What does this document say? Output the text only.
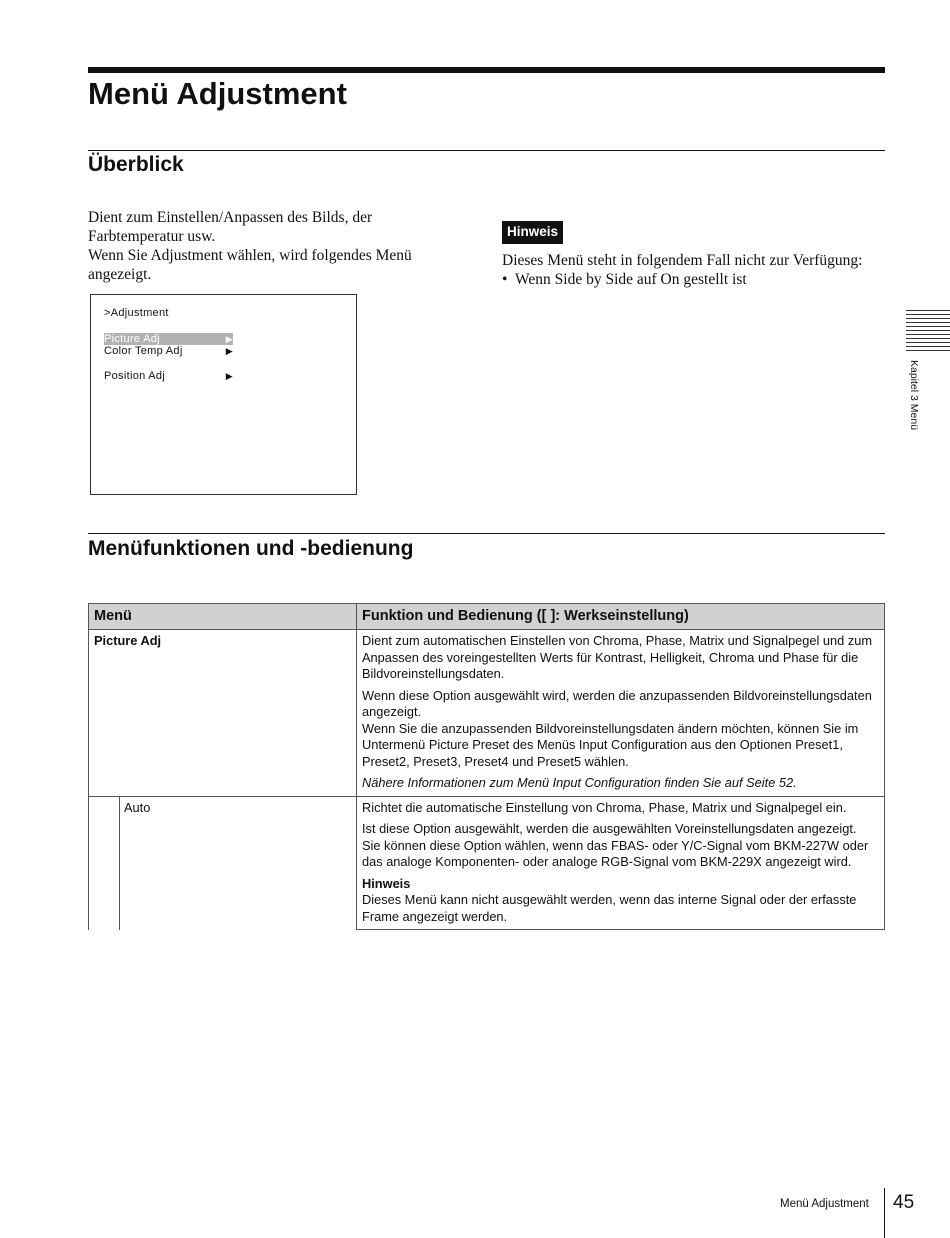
Menü Adjustment
Überblick

Dient zum Einstellen/Anpassen des Bilds, der Farbtemperatur usw.

Wenn Sie Adjustment wählen, wird folgendes Menü angezeigt.

Hinweis

Dieses Menü steht in folgendem Fall nicht zur Verfügung:

• Wenn Side by Side auf On gestellt ist
>Adjustment
Picture Adj	▶
Color Temp Adj	▶
Position Adj	▶	Kapitel 3 Menü
Menüfunktionen und -bedienung
Menü	Funktion und Bedienung ([ ]: Werkseinstellung)
Picture Adj	Dient zum automatischen Einstellen von Chroma, Phase, Matrix und Signalpegel und zum Anpassen des voreingestellten Werts für Kontrast, Helligkeit, Chroma und Phase für die Bildvoreinstellungsdaten.

Wenn diese Option ausgewählt wird, werden die anzupassenden Bildvoreinstellungsdaten angezeigt.

Wenn Sie die anzupassenden Bildvoreinstellungsdaten ändern möchten, können Sie im Untermenü Picture Preset des Menüs Input Configuration aus den Optionen Preset1, Preset2, Preset3, Preset4 und Preset5 wählen.

Nähere Informationen zum Menü Input Configuration finden Sie auf Seite 52.

Auto	Richtet die automatische Einstellung von Chroma, Phase, Matrix und Signalpegel ein.

Ist diese Option ausgewählt, werden die ausgewählten Voreinstellungsdaten angezeigt.

Sie können diese Option wählen, wenn das FBAS- oder Y/C-Signal vom BKM-227W oder das analoge Komponenten- oder analoge RGB-Signal vom BKM-229X angezeigt wird.

Hinweis

Dieses Menü kann nicht ausgewählt werden, wenn das interne Signal oder der erfasste Frame angezeigt werden.

Menü Adjustment 45
